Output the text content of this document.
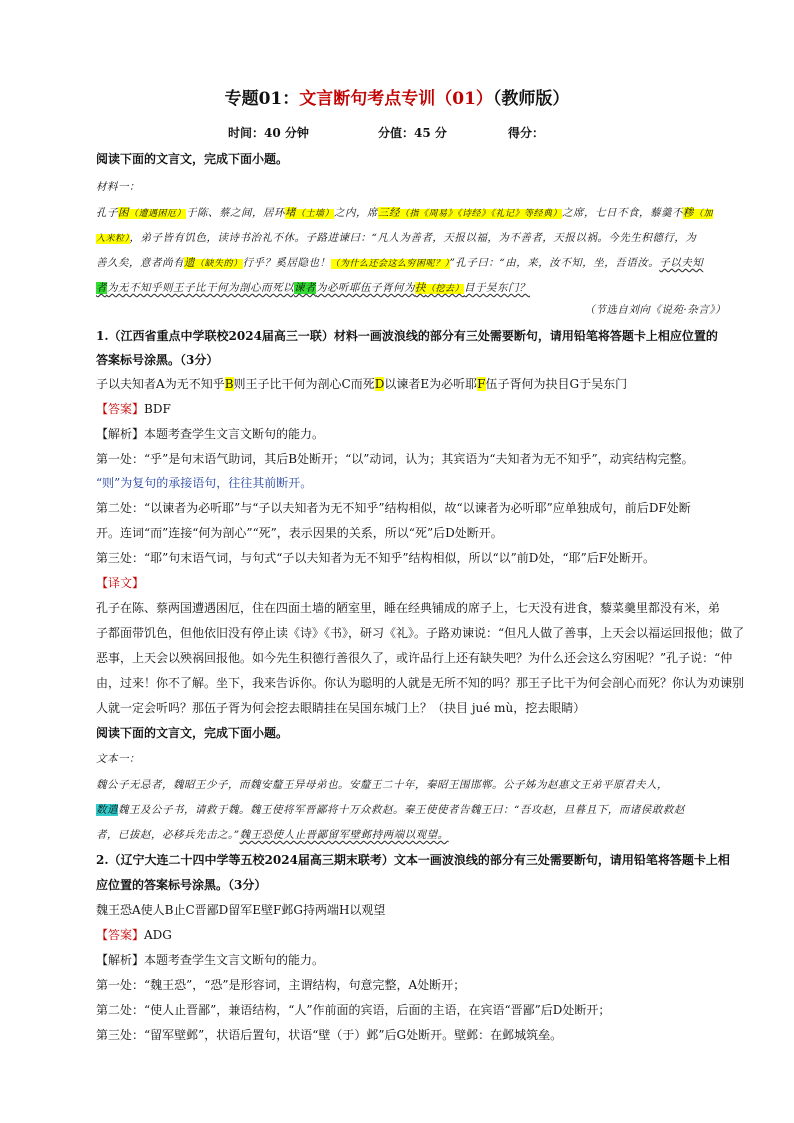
专题01：文言断句考点专训（01）（教师版）
时间：40 分钟	分值：45 分	得分：
阅读下面的文言文，完成下面小题。
材料一：
孔子困（遭遇困厄）于陈、蔡之间，居环堵（土墙）之内，席三经（指《周易》《诗经》《礼记》等经典）之席，七日不食，藜羹不糁（加
入米粒），弟子皆有饥色，读诗书治礼不休。子路进谏曰：“凡人为善者，天报以福，为不善者，天报以祸。今先生积德行，为
善久矣，意者尚有遗（缺失的）行乎？奚居隐也！（为什么还会这么穷困呢？）”孔子曰：“由，来，汝不知，坐，吾语汝。子以夫知
者为无不知乎则王子比干何为剖心而死以谏者为必听耶伍子胥何为抉（挖去）目于吴东门？
（节选自刘向《说苑·杂言》）
1.（江西省重点中学联校2024届高三一联）材料一画波浪线的部分有三处需要断句，请用铅笔将答题卡上相应位置的
答案标号涂黑。（3分）
子以夫知者A为无不知乎B则王子比干何为剖心C而死D以谏者E为必听耶F伍子胥何为抉目G于吴东门
【答案】BDF
【解析】本题考查学生文言文断句的能力。
第一处：“乎”是句末语气助词，其后B处断开；“以”动词，认为；其宾语为“夫知者为无不知乎”，动宾结构完整。
“则”为复句的承接语句，往往其前断开。
第二处：“以谏者为必听耶”与“子以夫知者为无不知乎”结构相似，故“以谏者为必听耶”应单独成句，前后DF处断
开。连词“而”连接“何为剖心”“死”，表示因果的关系，所以“死”后D处断开。
第三处：“耶”句末语气词，与句式“子以夫知者为无不知乎”结构相似，所以“以”前D处，“耶”后F处断开。
【译文】
孔子在陈、蔡两国遭遇困厄，住在四面土墙的陋室里，睡在经典铺成的席子上，七天没有进食，藜菜羹里都没有米，弟
子都面带饥色，但他依旧没有停止读《诗》《书》，研习《礼》。子路劝谏说：“但凡人做了善事，上天会以福运回报他；做了
恶事，上天会以殃祸回报他。如今先生积德行善很久了，或许品行上还有缺失吧？为什么还会这么穷困呢？”孔子说：“仲
由，过来！你不了解。坐下，我来告诉你。你认为聪明的人就是无所不知的吗？那王子比干为何会剖心而死？你认为劝谏别
人就一定会听吗？那伍子胥为何会挖去眼睛挂在吴国东城门上？（抉目 jué mù，挖去眼睛）
阅读下面的文言文，完成下面小题。
文本一：
魏公子无忌者，魏昭王少子，而魏安釐王异母弟也。安釐王二十年，秦昭王围邯郸。公子姊为赵惠文王弟平原君夫人，
数遣魏王及公子书，请救于魏。魏王使将军晋鄙将十万众救赵。秦王使使者告魏王曰：“吾攻赵，旦暮且下，而诸侯敢救赵
者，已拔赵，必移兵先击之。”魏王恐使人止晋鄙留军壁邺持两端以观望。
2.（辽宁大连二十四中学等五校2024届高三期末联考）文本一画波浪线的部分有三处需要断句，请用铅笔将答题卡上相
应位置的答案标号涂黑。（3分）
魏王恐A使人B止C晋鄙D留军E壁F邺G持两端H以观望
【答案】ADG
【解析】本题考查学生文言文断句的能力。
第一处：“魏王恐”，“恐”是形容词，主谓结构，句意完整，A处断开；
第二处：“使人止晋鄙”，兼语结构，“人”作前面的宾语，后面的主语，在宾语“晋鄙”后D处断开；
第三处：“留军壁邺”，状语后置句，状语“壁（于）邺”后G处断开。壁邺：在邺城筑垒。
